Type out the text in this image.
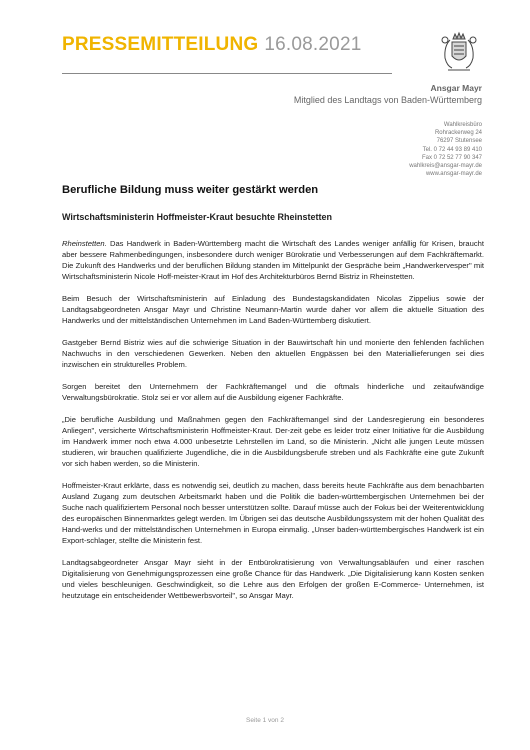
PRESSEMITTEILUNG 16.08.2021
Ansgar Mayr
Mitglied des Landtags von Baden-Württemberg
Wahlkreisbüro
Rohrackerweg 24
76297 Stutensee
Tel. 0 72 44 93 89 410
Fax 0 72 52 77 90 347
wahlkreis@ansgar-mayr.de
www.ansgar-mayr.de
Berufliche Bildung muss weiter gestärkt werden
Wirtschaftsministerin Hoffmeister-Kraut besuchte Rheinstetten

Rheinstetten. Das Handwerk in Baden-Württemberg macht die Wirtschaft des Landes weniger anfällig für Krisen, braucht aber bessere Rahmenbedingungen, insbesondere durch weniger Bürokratie und Verbesserungen auf dem Fachkräftemarkt. Die Zukunft des Handwerks und der beruflichen Bildung standen im Mittelpunkt der Gespräche beim „Handwerkervesper" mit Wirtschaftsministerin Nicole Hoff-meister-Kraut im Hof des Architekturbüros Bernd Bistriz in Rheinstetten.

Beim Besuch der Wirtschaftsministerin auf Einladung des Bundestagskandidaten Nicolas Zippelius sowie der Landtagsabgeordneten Ansgar Mayr und Christine Neumann-Martin wurde daher vor allem die aktuelle Situation des Handwerks und der mittelständischen Unternehmen im Land Baden-Württemberg diskutiert.

Gastgeber Bernd Bistriz wies auf die schwierige Situation in der Bauwirtschaft hin und monierte den fehlenden fachlichen Nachwuchs in den verschiedenen Gewerken. Neben den aktuellen Engpässen bei den Materiallieferungen sei dies inzwischen ein strukturelles Problem.

Sorgen bereitet den Unternehmern der Fachkräftemangel und die oftmals hinderliche und zeitaufwändige Verwaltungsbürokratie. Stolz sei er vor allem auf die Ausbildung eigener Fachkräfte.

„Die berufliche Ausbildung und Maßnahmen gegen den Fachkräftemangel sind der Landesregierung ein besonderes Anliegen", versicherte Wirtschaftsministerin Hoffmeister-Kraut. Der-zeit gebe es leider trotz einer Initiative für die Ausbildung im Handwerk immer noch etwa 4.000 unbesetzte Lehrstellen im Land, so die Ministerin. „Nicht alle jungen Leute müssen studieren, wir brauchen qualifizierte Jugendliche, die in die Ausbildungsberufe streben und als Fachkräfte eine gute Zukunft vor sich haben werden, so die Ministerin.

Hoffmeister-Kraut erklärte, dass es notwendig sei, deutlich zu machen, dass bereits heute Fachkräfte aus dem benachbarten Ausland Zugang zum deutschen Arbeitsmarkt haben und die Politik die baden-württembergischen Unternehmen bei der Suche nach qualifiziertem Personal noch besser unterstützen sollte. Darauf müsse auch der Fokus bei der Weiterentwicklung des europäischen Binnenmarktes gelegt werden. Im Übrigen sei das deutsche Ausbildungssystem mit der hohen Qualität des Hand-werks und der mittelständischen Unternehmen in Europa einmalig. „Unser baden-württembergisches Handwerk ist ein Export-schlager, stellte die Ministerin fest.

Landtagsabgeordneter Ansgar Mayr sieht in der Entbürokratisierung von Verwaltungsabläufen und einer raschen Digitalisierung von Genehmigungsprozessen eine große Chance für das Handwerk. „Die Digitalisierung kann Kosten senken und vieles beschleunigen. Geschwindigkeit, so die Lehre aus den Erfolgen der großen E-Commerce- Unternehmen, ist heutzutage ein entscheidender Wettbewerbsvorteil", so Ansgar Mayr.

Seite 1 von 2
